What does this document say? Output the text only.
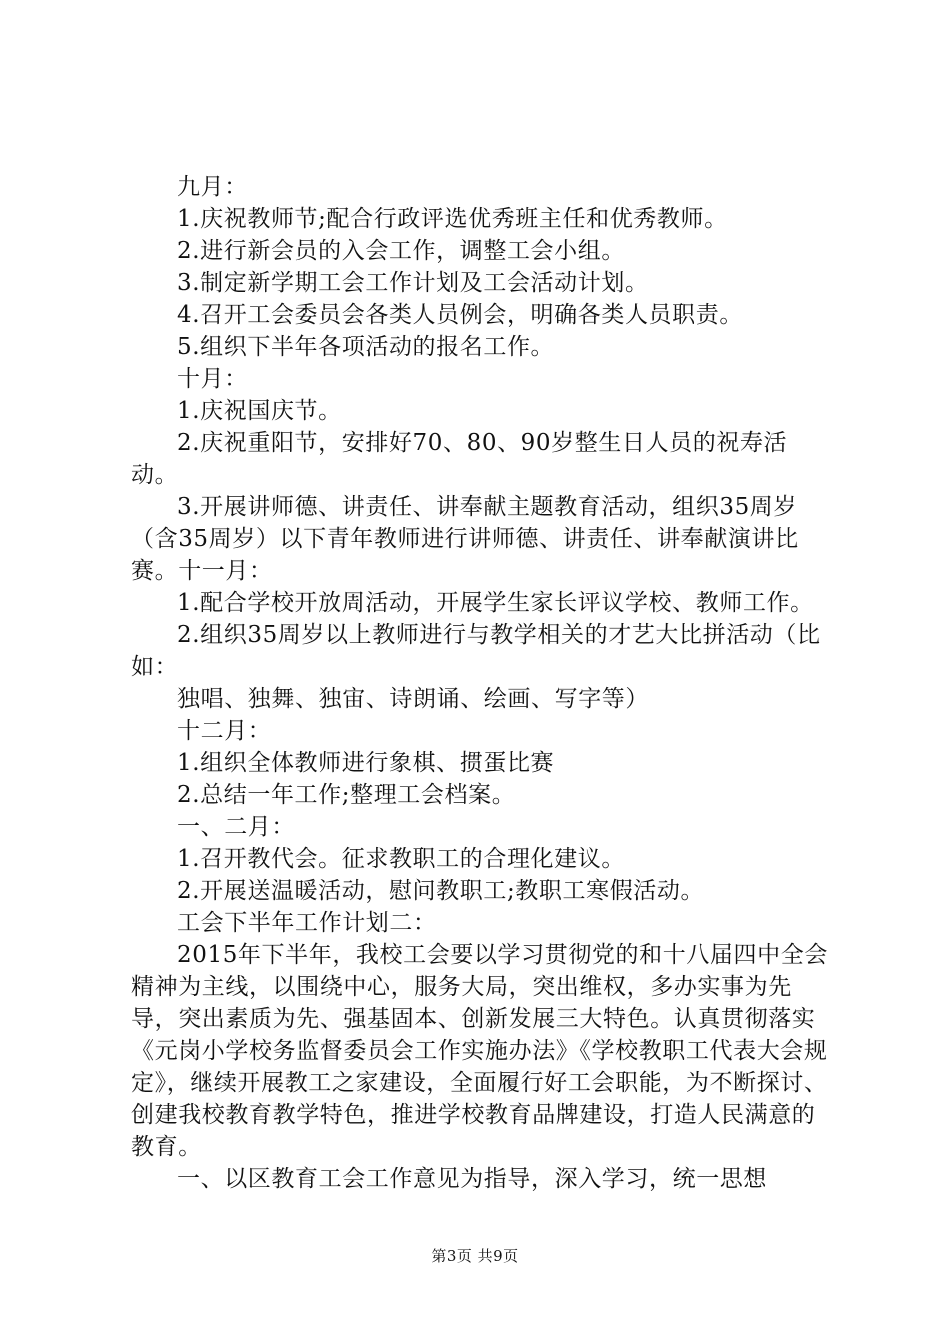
九月：

1.庆祝教师节;配合行政评选优秀班主任和优秀教师。

2.进行新会员的入会工作，调整工会小组。

3.制定新学期工会工作计划及工会活动计划。

4.召开工会委员会各类人员例会，明确各类人员职责。

5.组织下半年各项活动的报名工作。

十月：

1.庆祝国庆节。

2.庆祝重阳节，安排好70、80、90岁整生日人员的祝寿活动。

3.开展讲师德、讲责任、讲奉献主题教育活动，组织35周岁（含35周岁）以下青年教师进行讲师德、讲责任、讲奉献演讲比赛。十一月：

1.配合学校开放周活动，开展学生家长评议学校、教师工作。

2.组织35周岁以上教师进行与教学相关的才艺大比拼活动（比如：

独唱、独舞、独宙、诗朗诵、绘画、写字等）

十二月：

1.组织全体教师进行象棋、掼蛋比赛

2.总结一年工作;整理工会档案。

一、二月：

1.召开教代会。征求教职工的合理化建议。

2.开展送温暖活动，慰问教职工;教职工寒假活动。

工会下半年工作计划二：

2015年下半年，我校工会要以学习贯彻党的和十八届四中全会精神为主线，以围绕中心，服务大局，突出维权，多办实事为先导，突出素质为先、强基固本、创新发展三大特色。认真贯彻落实《元岗小学校务监督委员会工作实施办法》《学校教职工代表大会规定》，继续开展教工之家建设，全面履行好工会职能，为不断探讨、创建我校教育教学特色，推进学校教育品牌建设，打造人民满意的教育。

一、以区教育工会工作意见为指导，深入学习，统一思想

第3页 共9页
